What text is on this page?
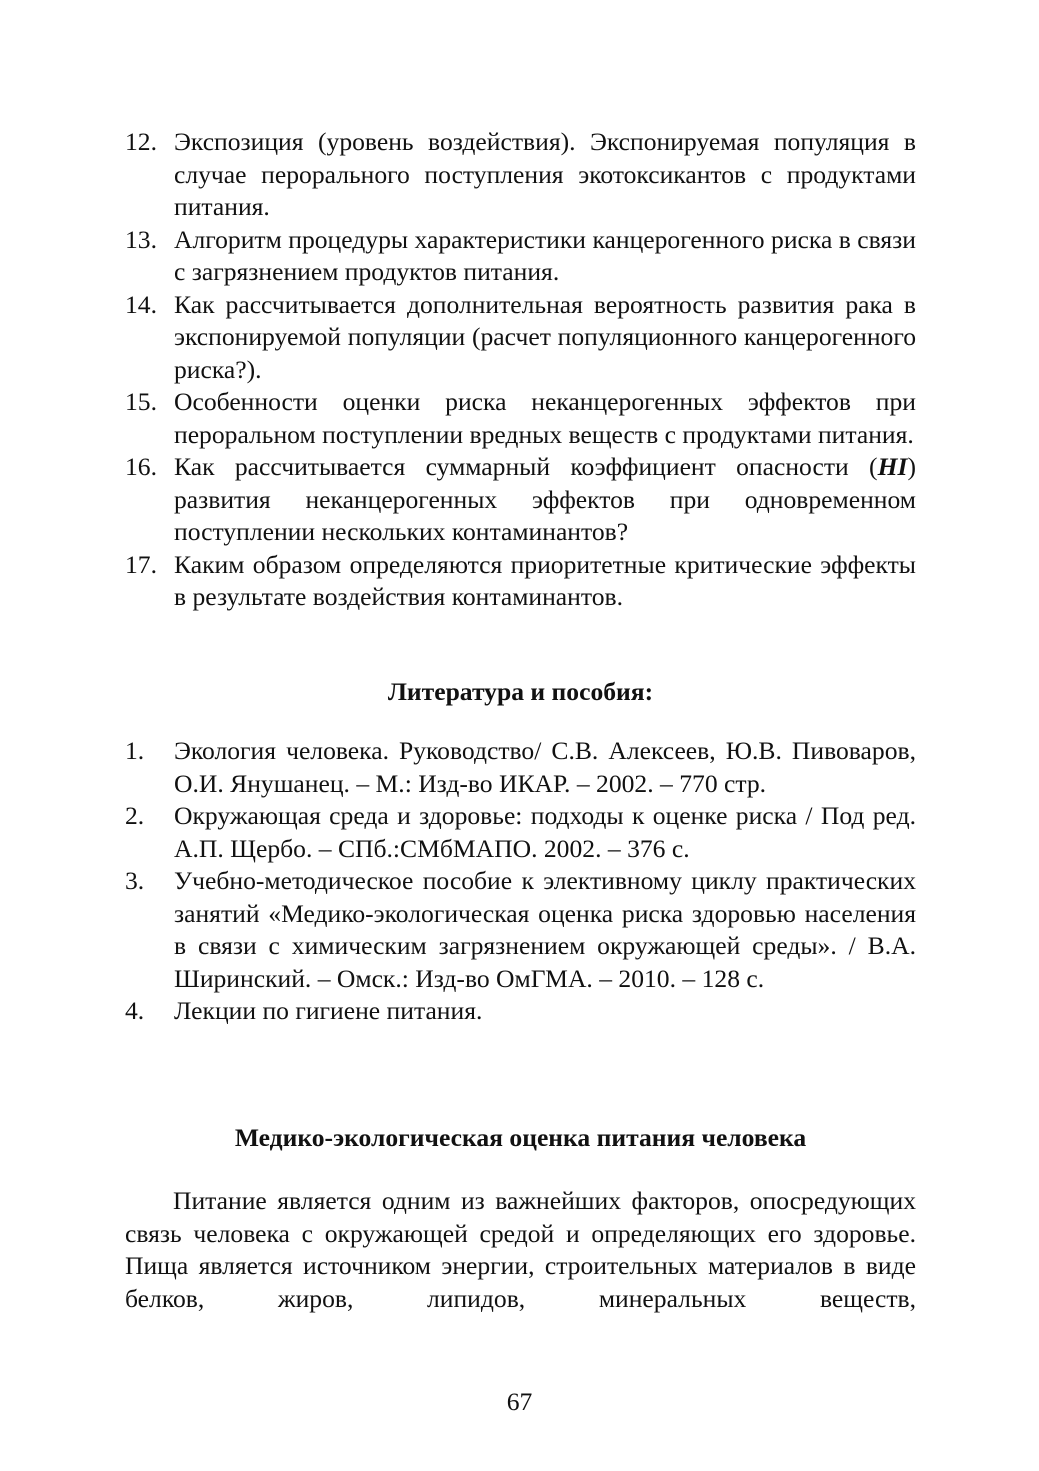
12. Экспозиция (уровень воздействия). Экспонируемая популяция в случае перорального поступления экотоксикантов с продуктами питания.
13. Алгоритм процедуры характеристики канцерогенного риска в связи с загрязнением продуктов питания.
14. Как рассчитывается дополнительная вероятность развития рака в экспонируемой популяции (расчет популяционного канцерогенного риска?).
15. Особенности оценки риска неканцерогенных эффектов при пероральном поступлении вредных веществ с продуктами питания.
16. Как рассчитывается суммарный коэффициент опасности (HI) развития неканцерогенных эффектов при одновременном поступлении нескольких контаминантов?
17. Каким образом определяются приоритетные критические эффекты в результате воздействия контаминантов.
Литература и пособия:
1.	Экология человека. Руководство/ С.В. Алексеев, Ю.В. Пивоваров, О.И. Янушанец. – М.: Изд-во ИКАР. – 2002. – 770 стр.
2.	Окружающая среда и здоровье: подходы к оценке риска / Под ред. А.П. Щербо. – СПб.:СМбМАПО. 2002. – 376 с.
3.	Учебно-методическое пособие к элективному циклу практических занятий «Медико-экологическая оценка риска здоровью населения в связи с химическим загрязнением окружающей среды». / В.А. Ширинский. – Омск.: Изд-во ОмГМА. – 2010. – 128 с.
4.	Лекции по гигиене питания.
Медико-экологическая оценка питания человека

Питание является одним из важнейших факторов, опосредующих связь человека с окружающей средой и определяющих его здоровье. Пища является источником энергии, строительных материалов в виде белков, жиров, липидов, минеральных веществ,

67
